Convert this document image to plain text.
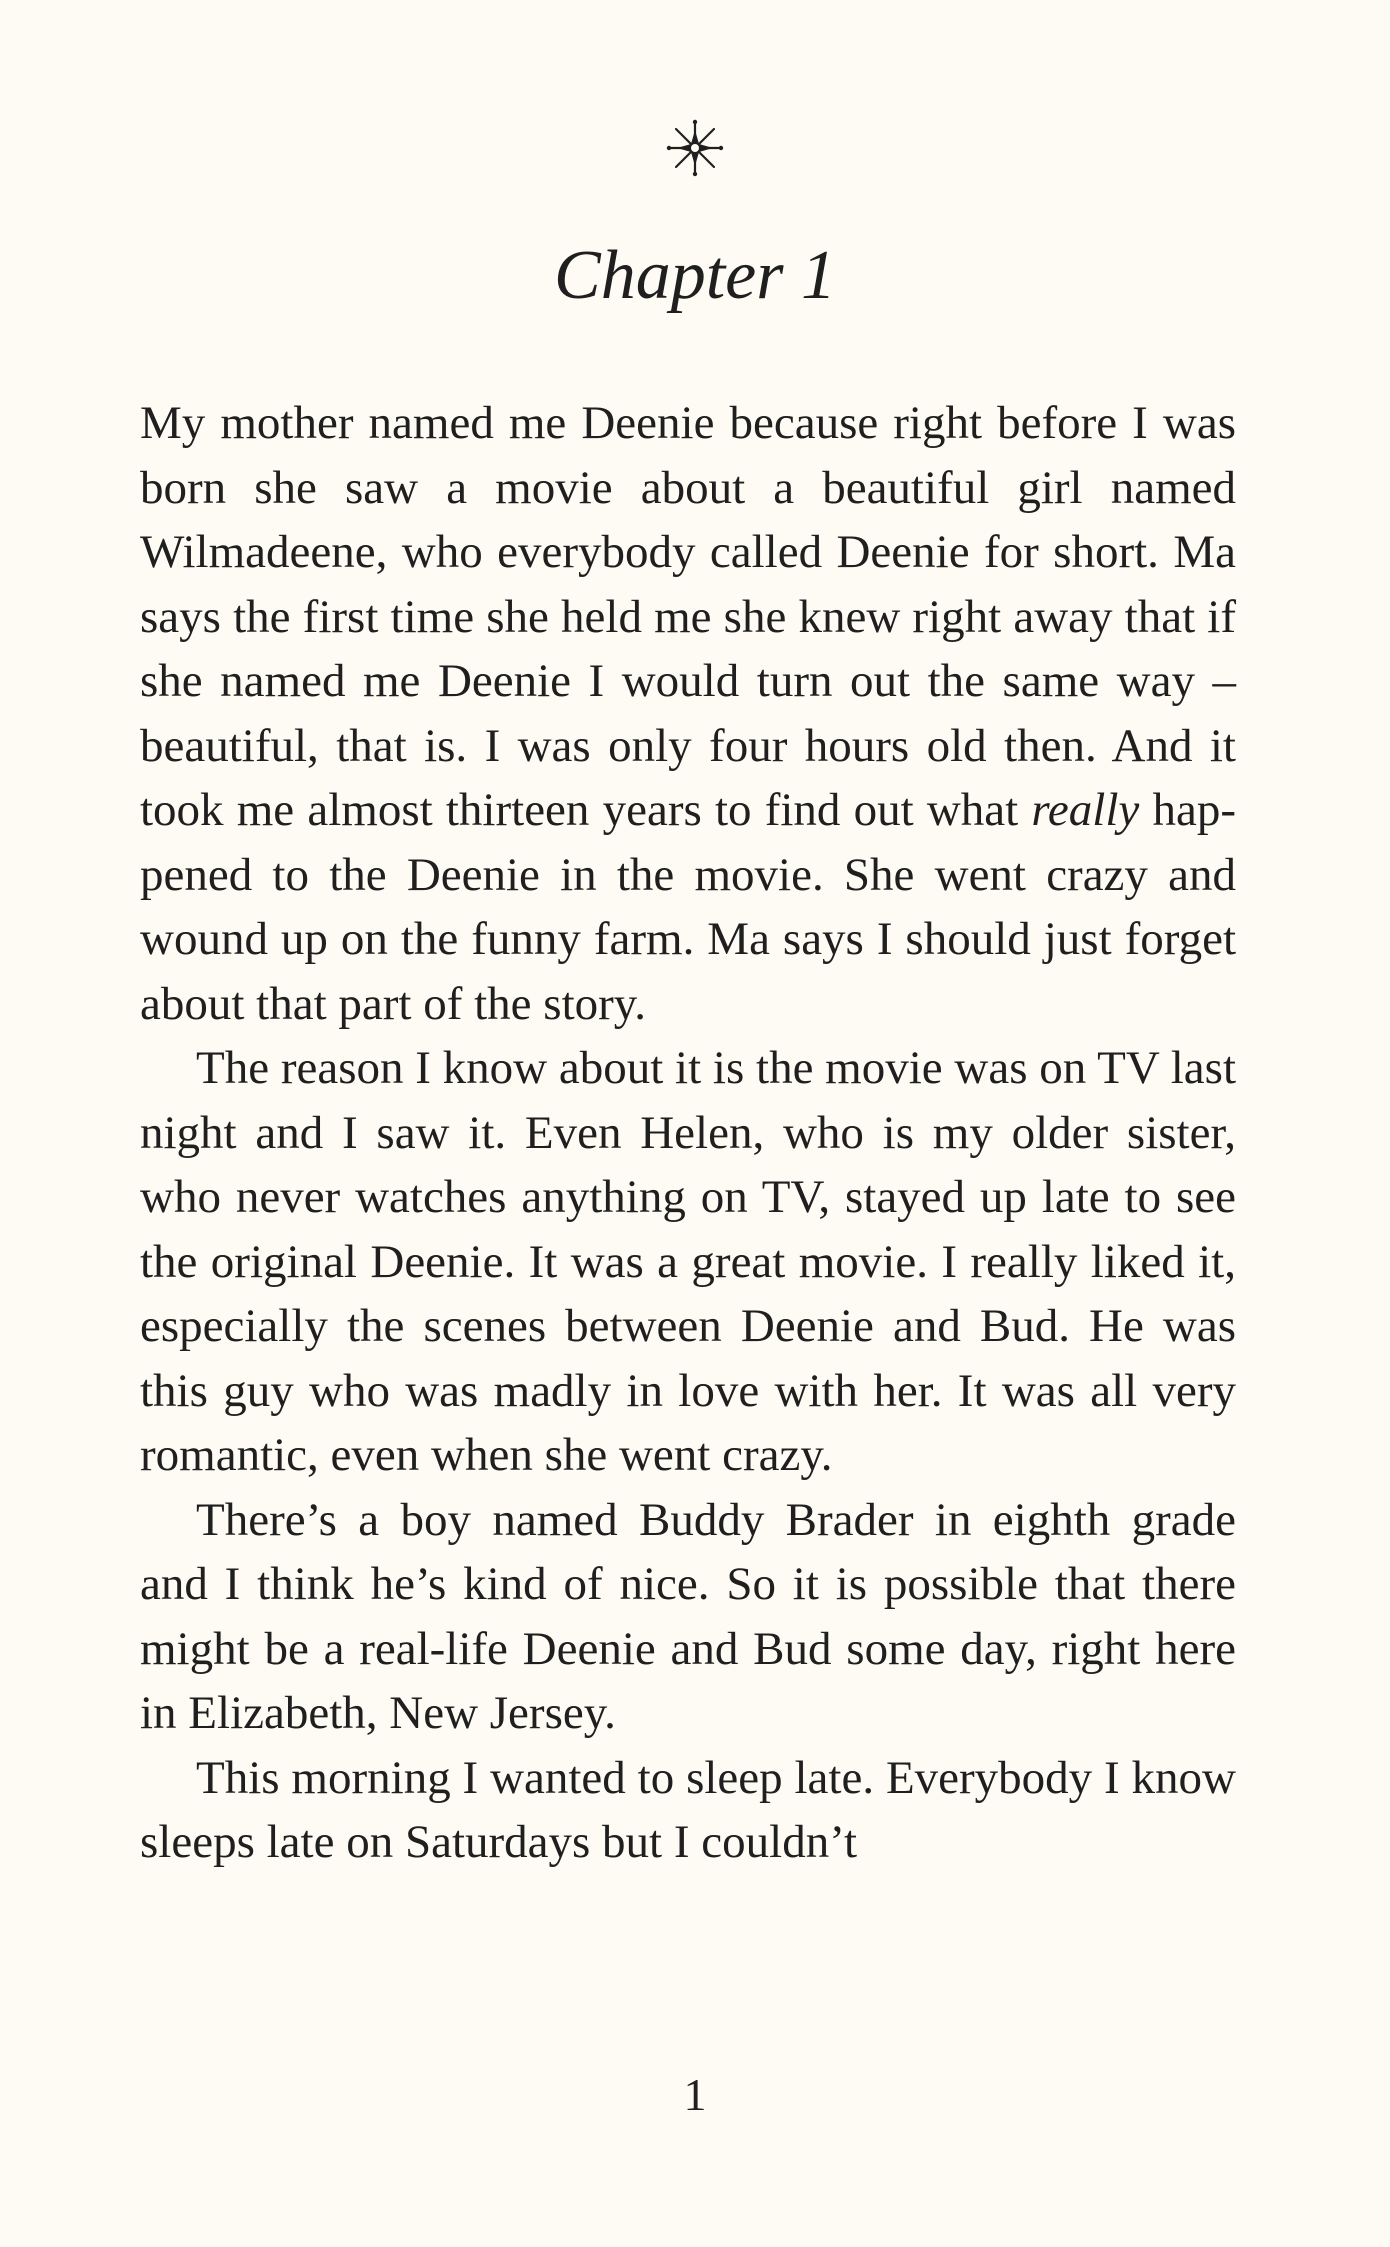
Chapter 1

My mother named me Deenie because right before I was born she saw a movie about a beautiful girl named Wilmadeene, who everybody called Deenie for short. Ma says the first time she held me she knew right away that if she named me Deenie I would turn out the same way – beautiful, that is. I was only four hours old then. And it took me almost thirteen years to find out what really happened to the Deenie in the movie. She went crazy and wound up on the funny farm. Ma says I should just forget about that part of the story.

The reason I know about it is the movie was on TV last night and I saw it. Even Helen, who is my older sister, who never watches anything on TV, stayed up late to see the original Deenie. It was a great movie. I really liked it, especially the scenes between Deenie and Bud. He was this guy who was madly in love with her. It was all very romantic, even when she went crazy.

There’s a boy named Buddy Brader in eighth grade and I think he’s kind of nice. So it is possible that there might be a real-life Deenie and Bud some day, right here in Elizabeth, New Jersey.

This morning I wanted to sleep late. Everybody I know sleeps late on Saturdays but I couldn’t

1
